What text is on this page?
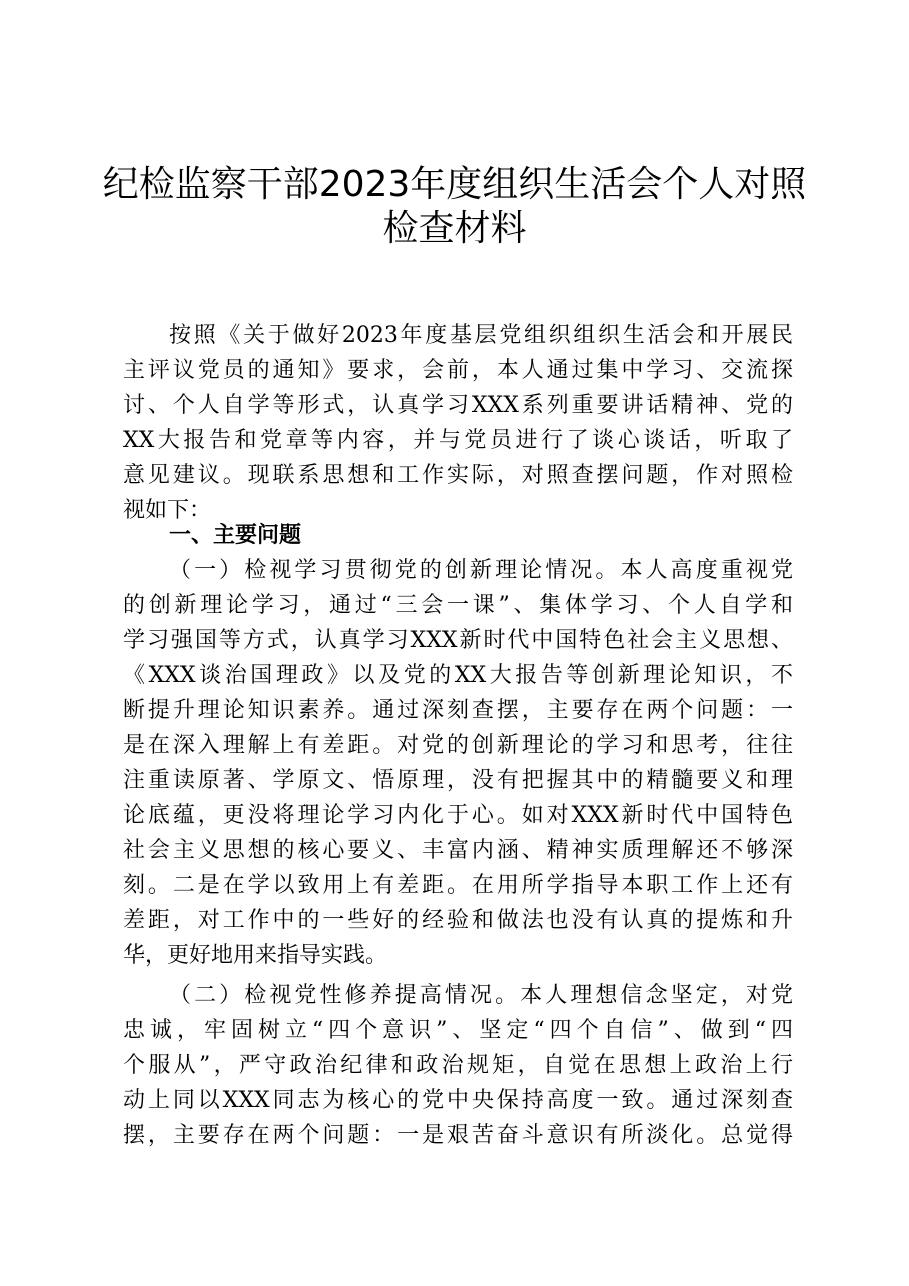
纪检监察干部2023年度组织生活会个人对照
检查材料
按照《关于做好2023年度基层党组织组织生活会和开展民
主评议党员的通知》要求，会前，本人通过集中学习、交流探
讨、个人自学等形式，认真学习XXX系列重要讲话精神、党的
XX大报告和党章等内容，并与党员进行了谈心谈话，听取了
意见建议。现联系思想和工作实际，对照查摆问题，作对照检
视如下：
一、主要问题
（一）检视学习贯彻党的创新理论情况。本人高度重视党
的创新理论学习，通过“三会一课”、集体学习、个人自学和
学习强国等方式，认真学习XXX新时代中国特色社会主义思想、
《XXX谈治国理政》以及党的XX大报告等创新理论知识，不
断提升理论知识素养。通过深刻查摆，主要存在两个问题：一
是在深入理解上有差距。对党的创新理论的学习和思考，往往
注重读原著、学原文、悟原理，没有把握其中的精髓要义和理
论底蕴，更没将理论学习内化于心。如对XXX新时代中国特色
社会主义思想的核心要义、丰富内涵、精神实质理解还不够深
刻。二是在学以致用上有差距。在用所学指导本职工作上还有
差距，对工作中的一些好的经验和做法也没有认真的提炼和升
华，更好地用来指导实践。
（二）检视党性修养提高情况。本人理想信念坚定，对党
忠诚，牢固树立“四个意识”、坚定“四个自信”、做到“四
个服从”，严守政治纪律和政治规矩，自觉在思想上政治上行
动上同以XXX同志为核心的党中央保持高度一致。通过深刻查
摆，主要存在两个问题：一是艰苦奋斗意识有所淡化。总觉得
